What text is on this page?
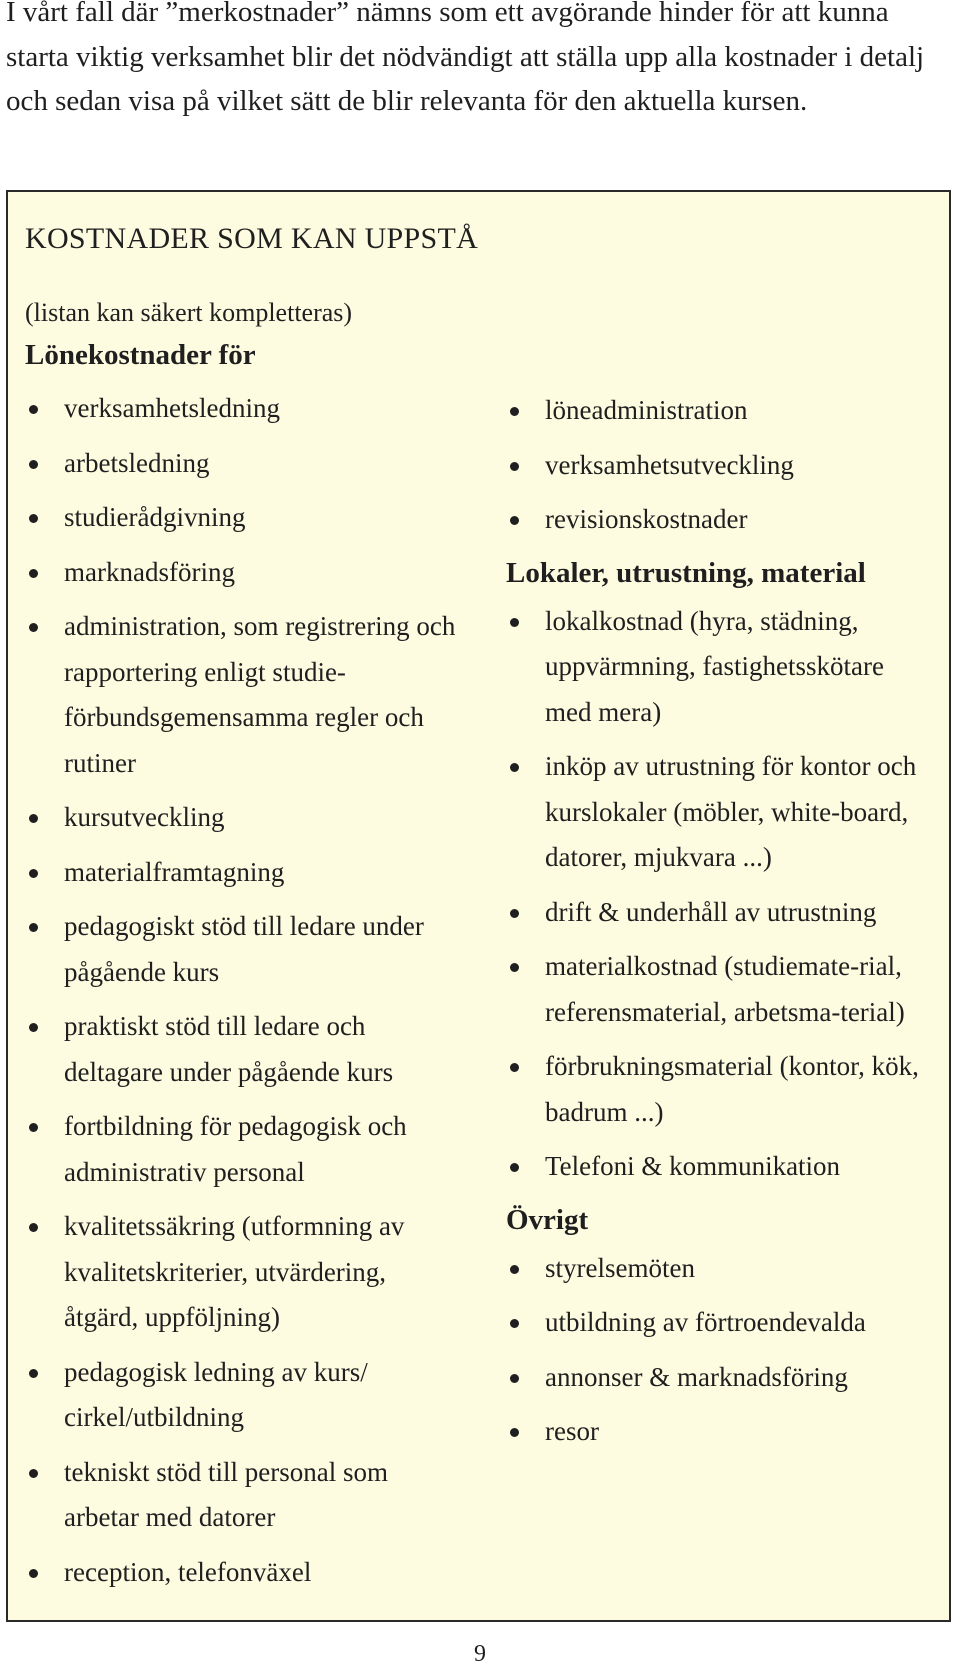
I vårt fall där ”merkostnader” nämns som ett avgörande hinder för att kunna starta viktig verksamhet blir det nödvändigt att ställa upp alla kostnader i detalj och sedan visa på vilket sätt de blir relevanta för den aktuella kursen.

KOSTNADER SOM KAN UPPSTÅ

(listan kan säkert kompletteras)

Lönekostnader för
verksamhetsledning
arbetsledning
studierådgivning
marknadsföring
administration, som registrering och rapportering enligt studie-förbundsgemensamma regler och rutiner
kursutveckling
materialframtagning
pedagogiskt stöd till ledare under pågående kurs
praktiskt stöd till ledare och deltagare under pågående kurs
fortbildning för pedagogisk och administrativ personal
kvalitetssäkring (utformning av kvalitetskriterier, utvärdering, åtgärd, uppföljning)
pedagogisk ledning av kurs/ cirkel/utbildning
tekniskt stöd till personal som arbetar med datorer
reception, telefonväxel
löneadministration
verksamhetsutveckling
revisionskostnader
Lokaler, utrustning, material
lokalkostnad (hyra, städning, uppvärmning, fastighetsskötare med mera)
inköp av utrustning för kontor och kurslokaler (möbler, white-board, datorer, mjukvara ...)
drift & underhåll av utrustning
materialkostnad (studiemate-rial, referensmaterial, arbetsma-terial)
förbrukningsmaterial (kontor, kök, badrum ...)
Telefoni & kommunikation
Övrigt
styrelsemöten
utbildning av förtroendevalda
annonser & marknadsföring
resor
9
